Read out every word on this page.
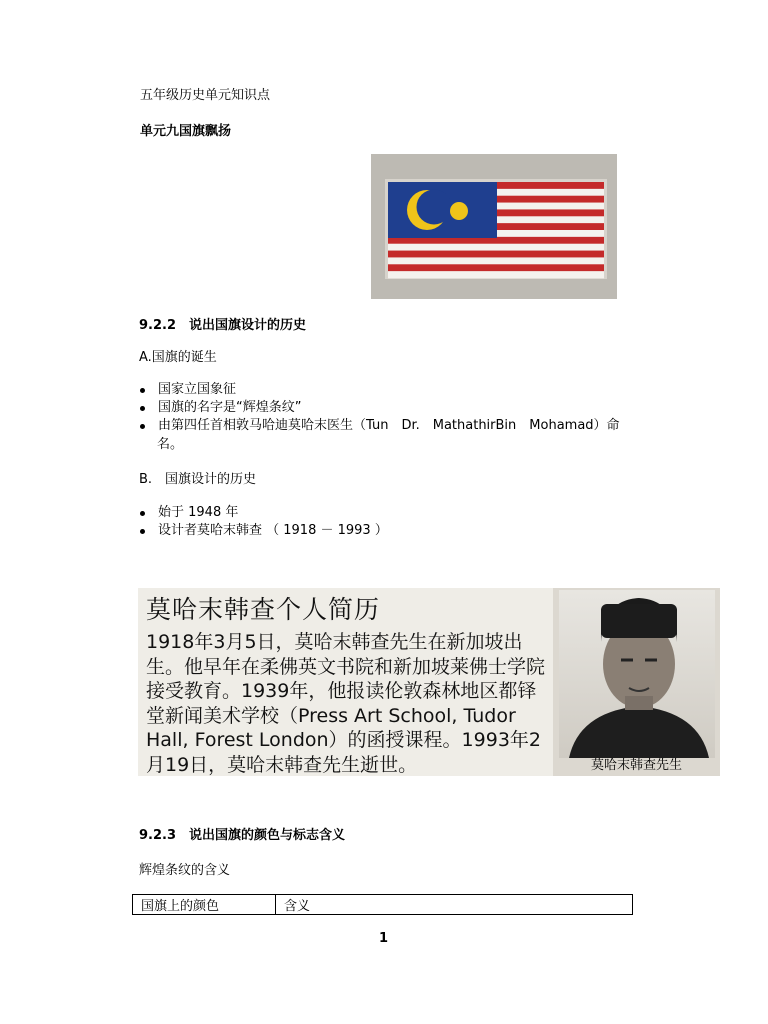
五年级历史单元知识点
单元九国旗飘扬
9.2.2　说出国旗设计的历史
A.国旗的诞生
国家立国象征
国旗的名字是“辉煌条纹”
由第四任首相敦马哈迪莫哈末医生（Tun　Dr.　MathathirBin　Mohamad）命
名。
B.　国旗设计的历史
始于 1948 年
设计者莫哈末韩查 （ 1918 － 1993 ）
莫哈末韩查个人简历
1918年3月5日，莫哈末韩查先生在新加坡出生。他早年在柔佛英文书院和新加坡莱佛士学院接受教育。1939年，他报读伦敦森林地区都铎堂新闻美术学校（Press Art School, Tudor Hall, Forest London）的函授课程。1993年2月19日，莫哈末韩查先生逝世。	莫哈末韩查先生
9.2.3　说出国旗的颜色与标志含义
辉煌条纹的含义
国旗上的颜色	含义
1
